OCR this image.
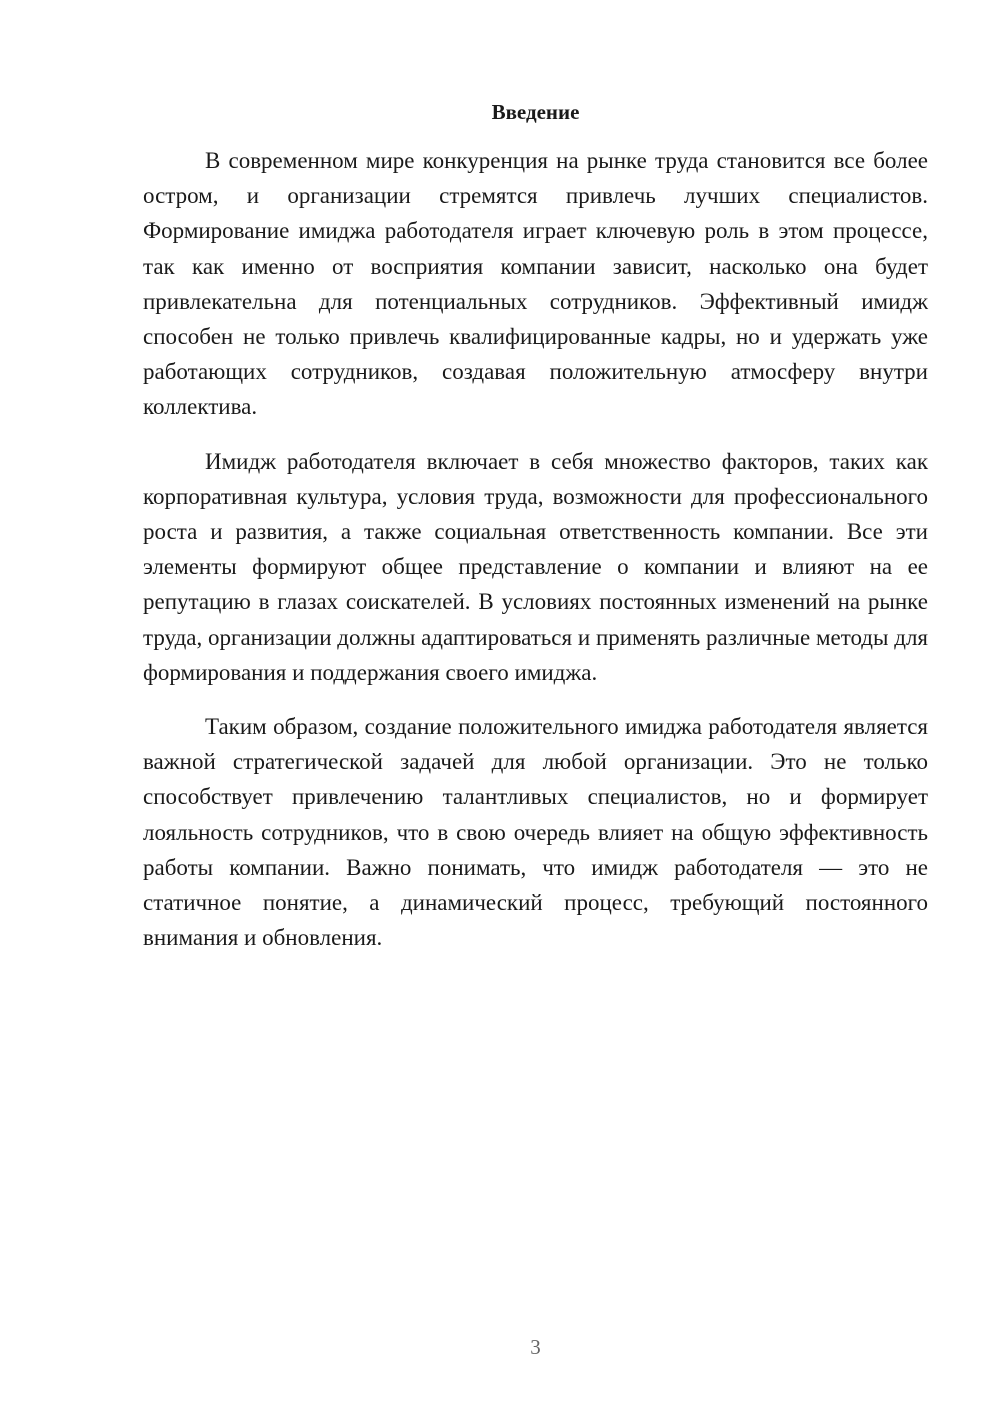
Введение

В современном мире конкуренция на рынке труда становится все более остром, и организации стремятся привлечь лучших специалистов. Формирование имиджа работодателя играет ключевую роль в этом процессе, так как именно от восприятия компании зависит, насколько она будет привлекательна для потенциальных сотрудников. Эффективный имидж способен не только привлечь квалифицированные кадры, но и удержать уже работающих сотрудников, создавая положительную атмосферу внутри коллектива.

Имидж работодателя включает в себя множество факторов, таких как корпоративная культура, условия труда, возможности для профессионального роста и развития, а также социальная ответственность компании. Все эти элементы формируют общее представление о компании и влияют на ее репутацию в глазах соискателей. В условиях постоянных изменений на рынке труда, организации должны адаптироваться и применять различные методы для формирования и поддержания своего имиджа.

Таким образом, создание положительного имиджа работодателя является важной стратегической задачей для любой организации. Это не только способствует привлечению талантливых специалистов, но и формирует лояльность сотрудников, что в свою очередь влияет на общую эффективность работы компании. Важно понимать, что имидж работодателя — это не статичное понятие, а динамический процесс, требующий постоянного внимания и обновления.

3
